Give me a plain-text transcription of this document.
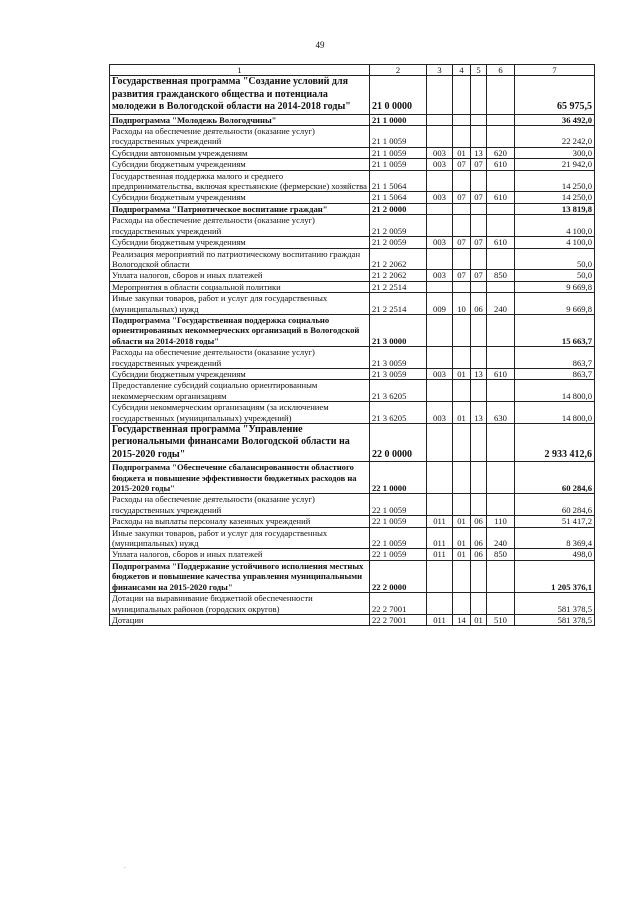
49
1	2	3	4	5	6	7
Государственная программа "Создание условий для развития гражданского общества и потенциала молодежи в Вологодской области на 2014-2018 годы"	21 0 0000					65 975,5
Подпрограмма "Молодежь Вологодчины"	21 1 0000					36 492,0
Расходы на обеспечение деятельности (оказание услуг) государственных учреждений	21 1 0059					22 242,0
Субсидии автономным учреждениям	21 1 0059	003	01	13	620	300,0
Субсидии бюджетным учреждениям	21 1 0059	003	07	07	610	21 942,0
Государственная поддержка малого и среднего предпринимательства, включая крестьянские (фермерские) хозяйства	21 1 5064					14 250,0
Субсидии бюджетным учреждениям	21 1 5064	003	07	07	610	14 250,0
Подпрограмма "Патриотическое воспитание граждан"	21 2 0000					13 819,8
Расходы на обеспечение деятельности (оказание услуг) государственных учреждений	21 2 0059					4 100,0
Субсидии бюджетным учреждениям	21 2 0059	003	07	07	610	4 100,0
Реализация мероприятий по патриотическому воспитанию граждан Вологодской области	21 2 2062					50,0
Уплата налогов, сборов и иных платежей	21 2 2062	003	07	07	850	50,0
Мероприятия в области социальной политики	21 2 2514					9 669,8
Иные закупки товаров, работ и услуг для государственных (муниципальных) нужд	21 2 2514	009	10	06	240	9 669,8
Подпрограмма "Государственная поддержка социально ориентированных некоммерческих организаций в Вологодской области на 2014-2018 годы"	21 3 0000					15 663,7
Расходы на обеспечение деятельности (оказание услуг) государственных учреждений	21 3 0059					863,7
Субсидии бюджетным учреждениям	21 3 0059	003	01	13	610	863,7
Предоставление субсидий социально ориентированным некоммерческим организациям	21 3 6205					14 800,0
Субсидии некоммерческим организациям (за исключением государственных (муниципальных) учреждений)	21 3 6205	003	01	13	630	14 800,0
Государственная программа "Управление региональными финансами Вологодской области на 2015-2020 годы"	22 0 0000					2 933 412,6
Подпрограмма "Обеспечение сбалансированности областного бюджета и повышение эффективности бюджетных расходов на 2015-2020 годы"	22 1 0000					60 284,6
Расходы на обеспечение деятельности (оказание услуг) государственных учреждений	22 1 0059					60 284,6
Расходы на выплаты персоналу казенных учреждений	22 1 0059	011	01	06	110	51 417,2
Иные закупки товаров, работ и услуг для государственных (муниципальных) нужд	22 1 0059	011	01	06	240	8 369,4
Уплата налогов, сборов и иных платежей	22 1 0059	011	01	06	850	498,0
Подпрограмма "Поддержание устойчивого исполнения местных бюджетов и повышение качества управления муниципальными финансами на 2015-2020 годы"	22 2 0000					1 205 376,1
Дотации на выравнивание бюджетной обеспеченности муниципальных районов (городских округов)	22 2 7001					581 378,5
Дотации	22 2 7001	011	14	01	510	581 378,5
.
